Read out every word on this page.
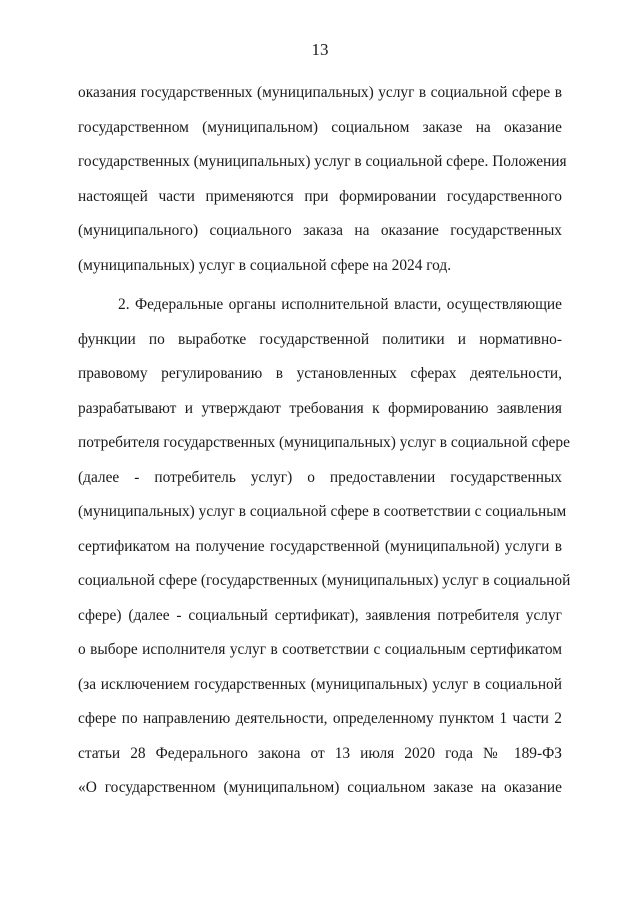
13
оказания государственных (муниципальных) услуг в социальной сфере в
государственном (муниципальном) социальном заказе на оказание
государственных (муниципальных) услуг в социальной сфере. Положения
настоящей части применяются при формировании государственного
(муниципального) социального заказа на оказание государственных
(муниципальных) услуг в социальной сфере на 2024 год.
2. Федеральные органы исполнительной власти, осуществляющие
функции по выработке государственной политики и нормативно-
правовому регулированию в установленных сферах деятельности,
разрабатывают и утверждают требования к формированию заявления
потребителя государственных (муниципальных) услуг в социальной сфере
(далее - потребитель услуг) о предоставлении государственных
(муниципальных) услуг в социальной сфере в соответствии с социальным
сертификатом на получение государственной (муниципальной) услуги в
социальной сфере (государственных (муниципальных) услуг в социальной
сфере) (далее - социальный сертификат), заявления потребителя услуг
о выборе исполнителя услуг в соответствии с социальным сертификатом
(за исключением государственных (муниципальных) услуг в социальной
сфере по направлению деятельности, определенному пунктом 1 части 2
статьи 28 Федерального закона от 13 июля 2020 года № 189-ФЗ
«О государственном (муниципальном) социальном заказе на оказание
